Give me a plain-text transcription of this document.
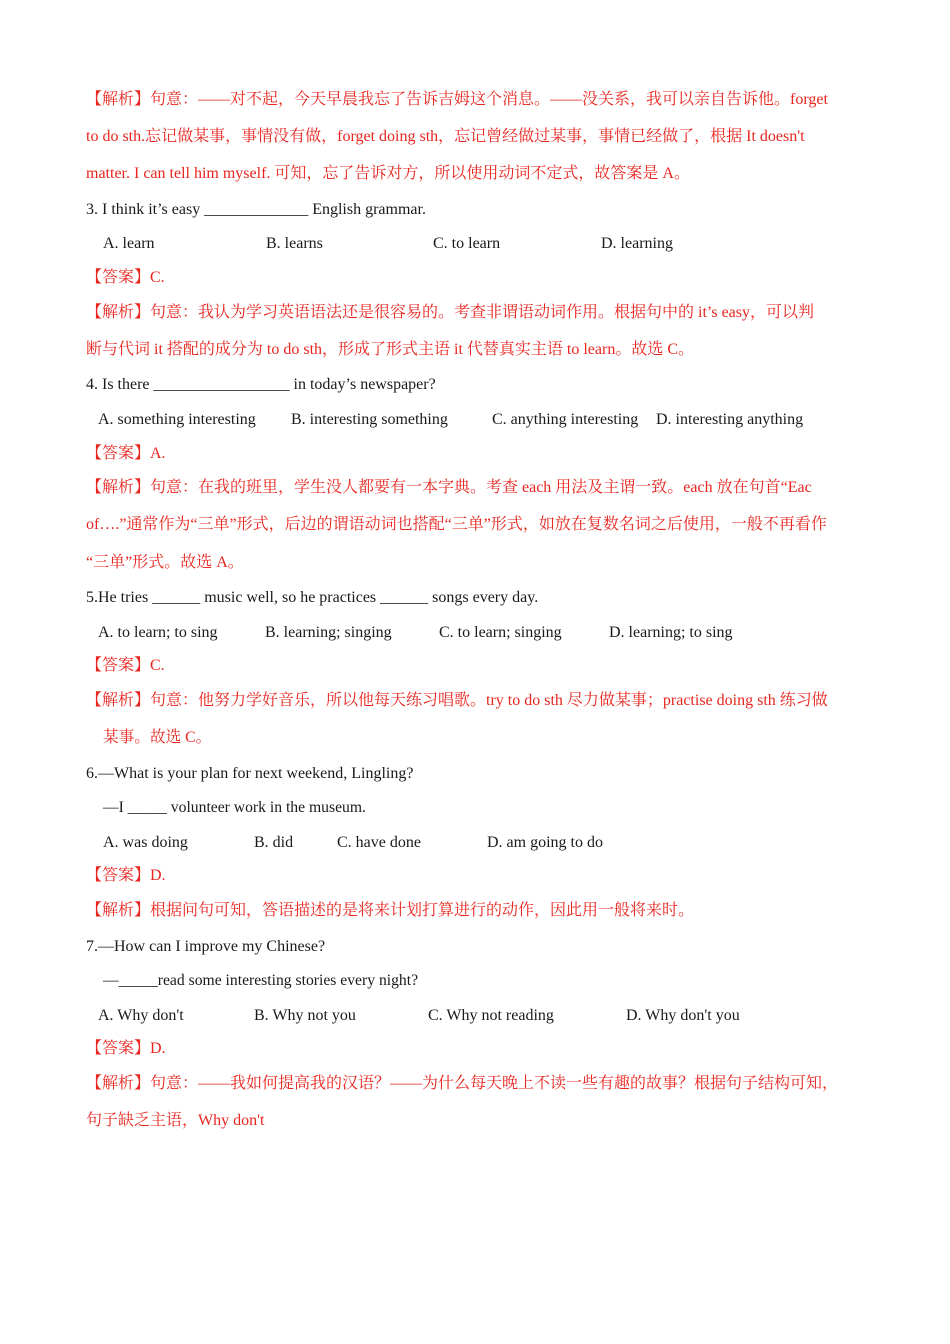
【解析】句意：——对不起，今天早晨我忘了告诉吉姆这个消息。——没关系，我可以亲自告诉他。forget
to do sth.忘记做某事，事情没有做，forget doing sth，忘记曾经做过某事，事情已经做了，根据 It doesn't
matter. I can tell him myself. 可知，忘了告诉对方，所以使用动词不定式，故答案是 A。
3. I think it’s easy _____________ English grammar.
A. learn	B. learns	C. to learn	D. learning
【答案】C.
【解析】句意：我认为学习英语语法还是很容易的。考查非谓语动词作用。根据句中的 it’s easy，可以判
断与代词 it 搭配的成分为 to do sth，形成了形式主语 it 代替真实主语 to learn。故选 C。
4. Is there _________________ in today’s newspaper?
A. something interesting B. interesting something	C. anything interesting D. interesting anything
【答案】A.
【解析】句意：在我的班里，学生没人都要有一本字典。考查 each 用法及主谓一致。each 放在句首“Eac
of….”通常作为“三单”形式，后边的谓语动词也搭配“三单”形式，如放在复数名词之后使用，一般不再看作
“三单”形式。故选 A。
5.He tries ______ music well, so he practices ______ songs every day.
A. to learn; to sing	B. learning; singing	C. to learn; singing	D. learning; to sing
【答案】C.
【解析】句意：他努力学好音乐，所以他每天练习唱歌。try to do sth 尽力做某事；practise doing sth 练习做
某事。故选 C。
6.—What is your plan for next weekend, Lingling?
—I _____ volunteer work in the museum.
A. was doing	B. did	C. have done	D. am going to do
【答案】D.
【解析】根据问句可知，答语描述的是将来计划打算进行的动作，因此用一般将来时。
7.—How can I improve my Chinese?
—_____read some interesting stories every night?
A. Why don't	B. Why not you	C. Why not reading	D. Why don't you
【答案】D.
【解析】句意：——我如何提高我的汉语？——为什么每天晚上不读一些有趣的故事？根据句子结构可知，
句子缺乏主语，Why don't
